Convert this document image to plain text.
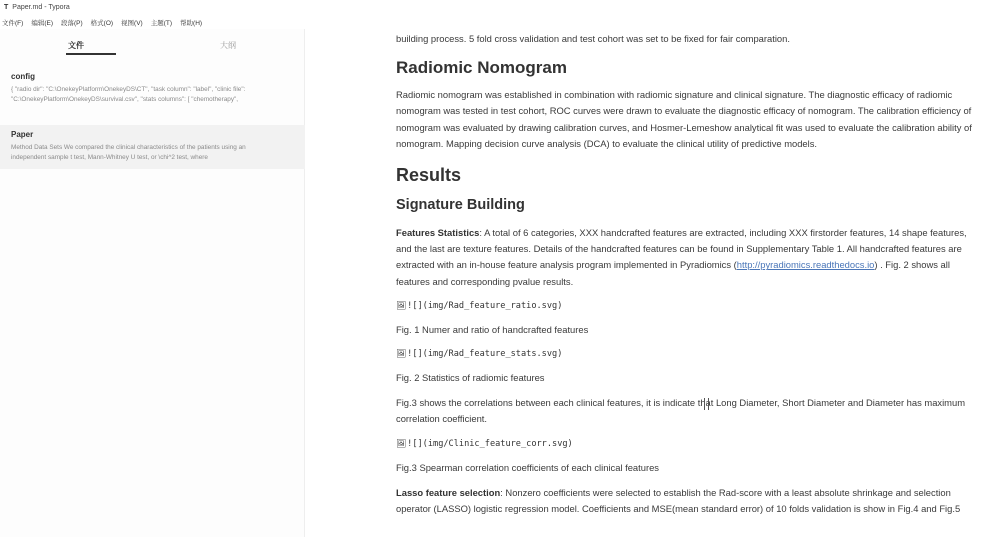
T Paper.md - Typora
文件(F) 编辑(E) 段落(P) 格式(O) 视图(V) 主题(T) 帮助(H)
文件	大纲
config
{ "radio dir": "C:\OnekeyPlatform\OnekeyDS\CT", "task column": "label", "clinic file":
"C:\OnekeyPlatform\OnekeyDS\survival.csv", "stats columns": [ "chemotherapy",
Paper
Method Data Sets We compared the clinical characteristics of the patients using an
independent sample t test, Mann-Whitney U test, or \chi^2 test, where
building process. 5 fold cross validation and test cohort was set to be fixed for fair comparation.
Radiomic Nomogram
Radiomic nomogram was established in combination with radiomic signature and clinical signature. The diagnostic efficacy of radiomic nomogram was tested in test cohort, ROC curves were drawn to evaluate the diagnostic efficacy of nomogram. The calibration efficiency of nomogram was evaluated by drawing calibration curves, and Hosmer-Lemeshow analytical fit was used to evaluate the calibration ability of nomogram. Mapping decision curve analysis (DCA) to evaluate the clinical utility of predictive models.
Results
Signature Building
Features Statistics: A total of 6 categories, XXX handcrafted features are extracted, including XXX firstorder features, 14 shape features, and the last are texture features. Details of the handcrafted features can be found in Supplementary Table 1. All handcrafted features are extracted with an in-house feature analysis program implemented in Pyradiomics (http://pyradiomics.readthedocs.io) . Fig. 2 shows all features and corresponding pvalue results.
🖼![](img/Rad_feature_ratio.svg)
Fig. 1 Numer and ratio of handcrafted features
🖼![](img/Rad_feature_stats.svg)
Fig. 2 Statistics of radiomic features
Fig.3 shows the correlations between each clinical features, it is indicate that Long Diameter, Short Diameter and Diameter has maximum correlation coefficient.
🖼![](img/Clinic_feature_corr.svg)
Fig.3 Spearman correlation coefficients of each clinical features
Lasso feature selection: Nonzero coefficients were selected to establish the Rad-score with a least absolute shrinkage and selection operator (LASSO) logistic regression model. Coefficients and MSE(mean standard error) of 10 folds validation is show in Fig.4 and Fig.5
